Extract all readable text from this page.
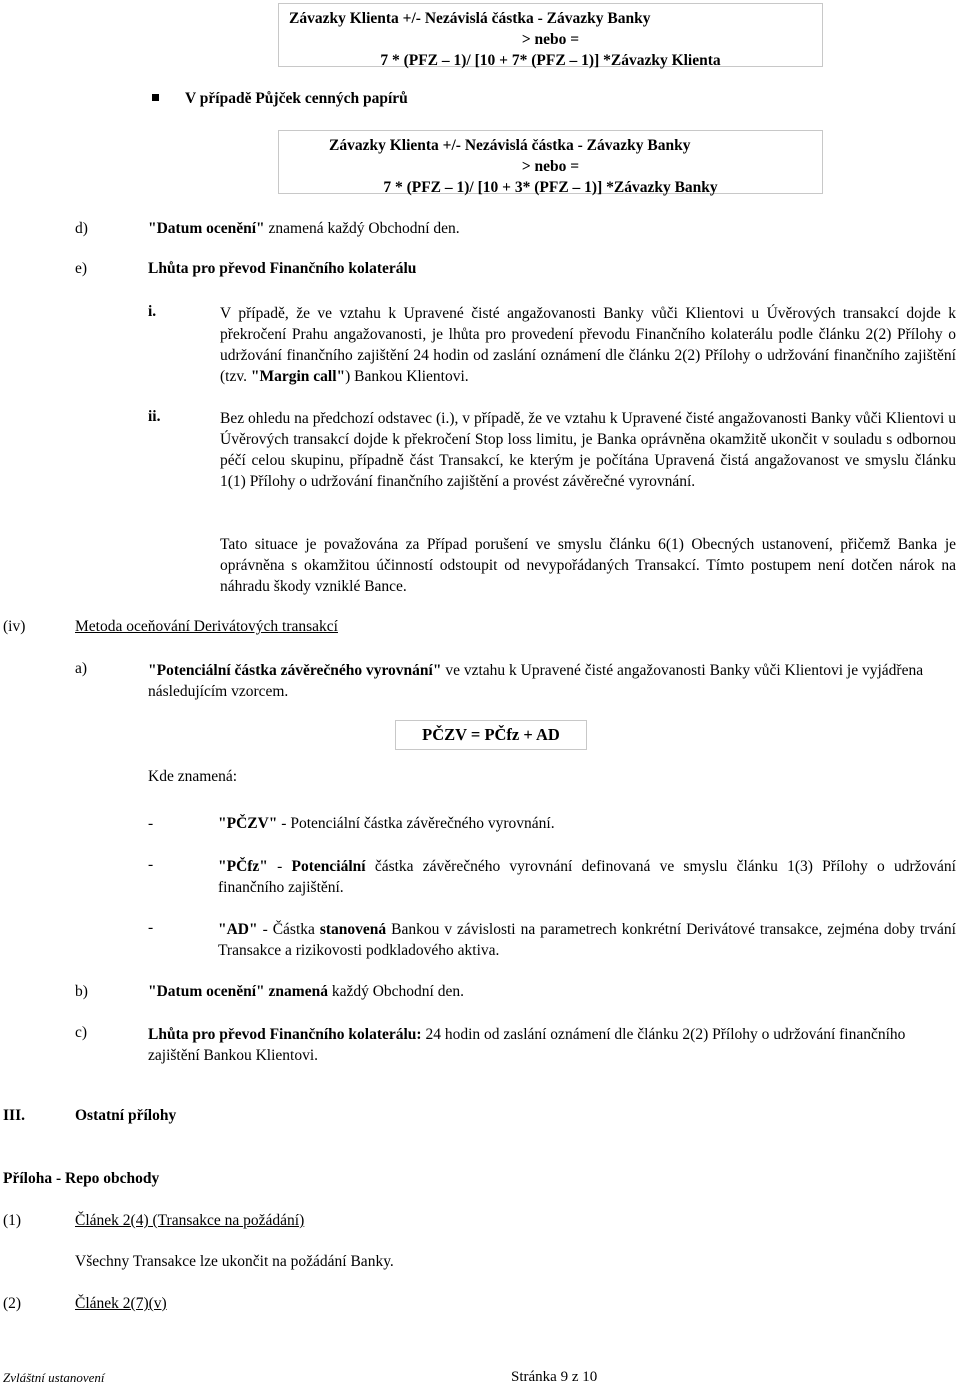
Závazky Klienta +/- Nezávislá částka - Závazky Banky
> nebo =
7 * (PFZ – 1)/ [10 + 7* (PFZ – 1)] *Závazky Klienta
V případě Půjček cenných papírů
Závazky Klienta +/- Nezávislá částka - Závazky Banky
> nebo =
7 * (PFZ – 1)/ [10 + 3* (PFZ – 1)] *Závazky Banky
d)	"Datum ocenění" znamená každý Obchodní den.
e)	Lhůta pro převod Finančního kolaterálu
i.	V případě, že ve vztahu k Upravené čisté angažovanosti Banky vůči Klientovi u Úvěrových transakcí dojde k překročení Prahu angažovanosti, je lhůta pro provedení převodu Finančního kolaterálu podle článku 2(2) Přílohy o udržování finančního zajištění 24 hodin od zaslání oznámení dle článku 2(2) Přílohy o udržování finančního zajištění (tzv. "Margin call") Bankou Klientovi.
ii.	Bez ohledu na předchozí odstavec (i.), v případě, že ve vztahu k Upravené čisté angažovanosti Banky vůči Klientovi u Úvěrových transakcí dojde k překročení Stop loss limitu, je Banka oprávněna okamžitě ukončit v souladu s odbornou péčí celou skupinu, případně část Transakcí, ke kterým je počítána Upravená čistá angažovanost ve smyslu článku 1(1) Přílohy o udržování finančního zajištění a provést závěrečné vyrovnání.
Tato situace je považována za Případ porušení ve smyslu článku 6(1) Obecných ustanovení, přičemž Banka je oprávněna s okamžitou účinností odstoupit od nevypořádaných Transakcí. Tímto postupem není dotčen nárok na náhradu škody vzniklé Bance.
(iv)	Metoda oceňování Derivátových transakcí
a)	"Potenciální částka závěrečného vyrovnání" ve vztahu k Upravené čisté angažovanosti Banky vůči Klientovi je vyjádřena následujícím vzorcem.
PČZV = PČfz + AD
Kde znamená:
-	"PČZV" - Potenciální částka závěrečného vyrovnání.
-	"PČfz" - Potenciální částka závěrečného vyrovnání definovaná ve smyslu článku 1(3) Přílohy o udržování finančního zajištění.
-	"AD" - Částka stanovená Bankou v závislosti na parametrech konkrétní Derivátové transakce, zejména doby trvání Transakce a rizikovosti podkladového aktiva.
b)	"Datum ocenění" znamená každý Obchodní den.
c)	Lhůta pro převod Finančního kolaterálu: 24 hodin od zaslání oznámení dle článku 2(2) Přílohy o udržování finančního zajištění Bankou Klientovi.
III.	Ostatní přílohy
Příloha - Repo obchody
(1)	Článek 2(4) (Transakce na požádání)
Všechny Transakce lze ukončit na požádání Banky.
(2)	Článek 2(7)(v)
Zvláštní ustanovení	Stránka 9 z 10
